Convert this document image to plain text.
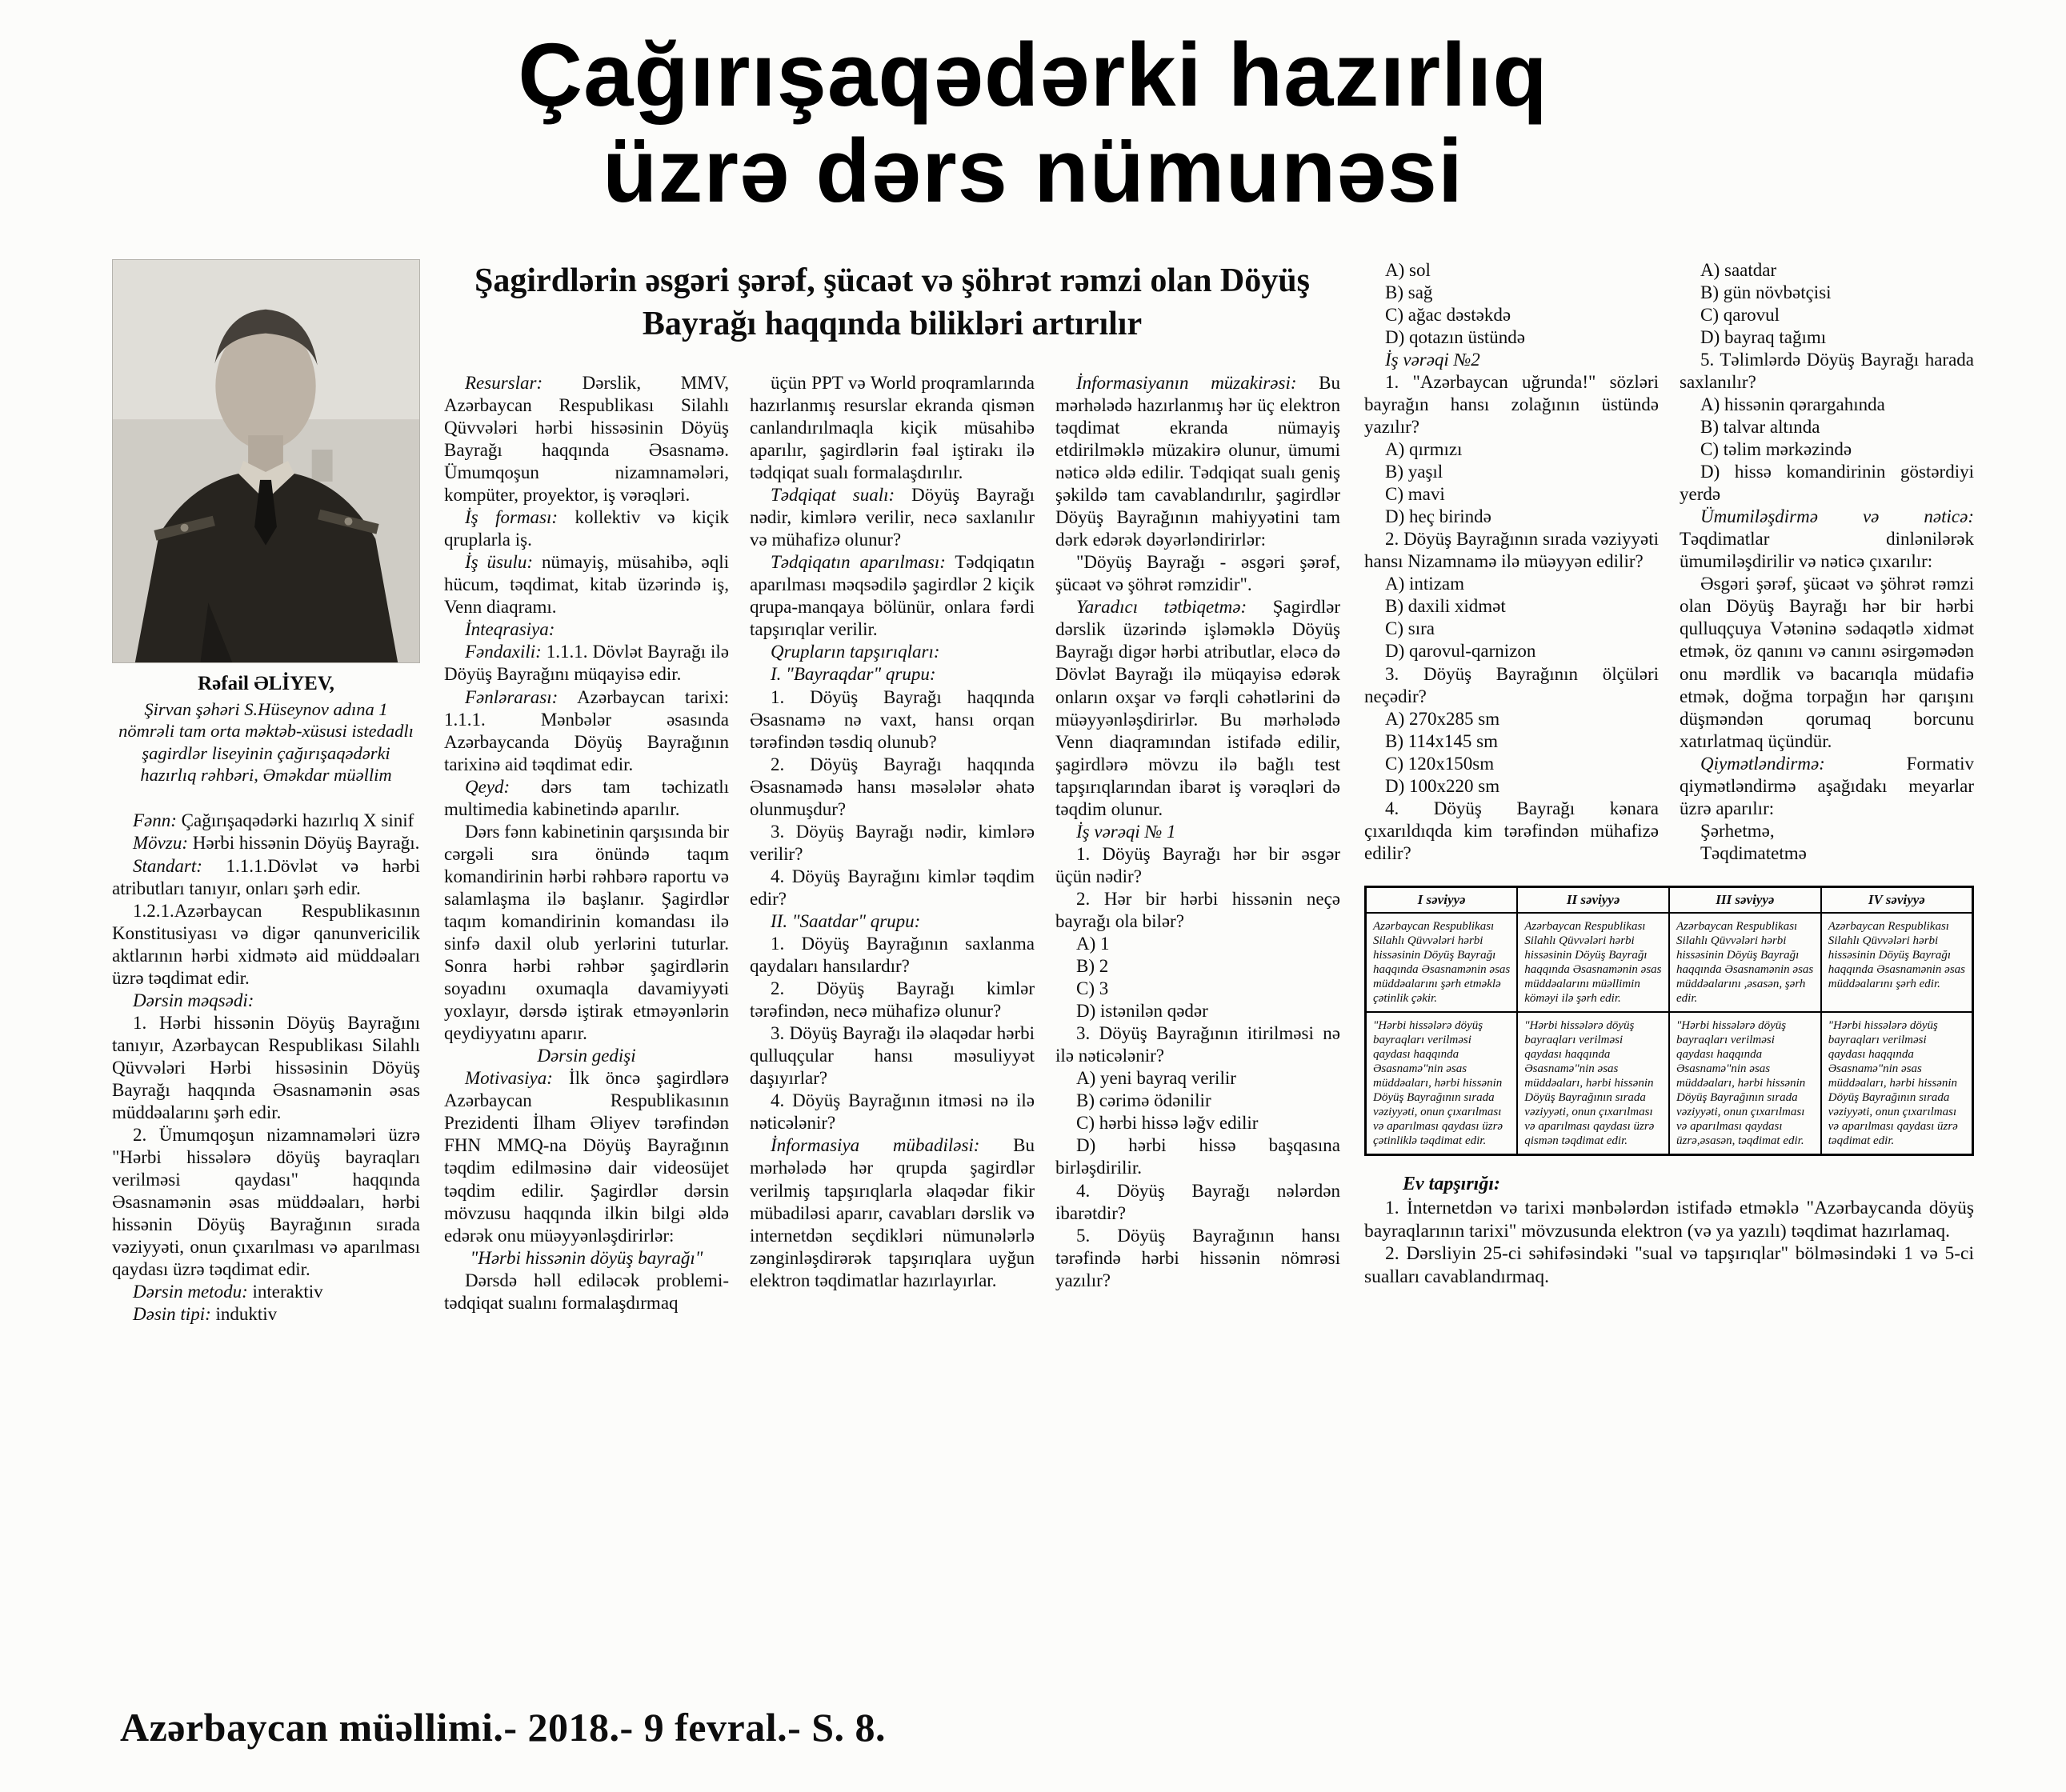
Çağırışaqədərki hazırlıq
üzrə dərs nümunəsi
Rəfail ƏLİYEV,
Şirvan şəhəri S.Hüseynov adına 1 nömrəli tam orta məktəb-xüsusi istedadlı şagirdlər liseyinin çağırışaqədərki hazırlıq rəhbəri, Əməkdar müəllim

Fənn: Çağırışaqədərki hazırlıq X sinif

Mövzu: Hərbi hissənin Döyüş Bayrağı.

Standart: 1.1.1.Dövlət və hərbi atributları tanıyır, onları şərh edir.

1.2.1.Azərbaycan Respublikasının Konstitusiyası və digər qanunvericilik aktlarının hərbi xidmətə aid müddəaları üzrə təqdimat edir.

Dərsin məqsədi:

1. Hərbi hissənin Döyüş Bayrağını tanıyır, Azərbaycan Respublikası Silahlı Qüvvələri Hərbi hissəsinin Döyüş Bayrağı haqqında Əsasnamənin əsas müddəalarını şərh edir.

2. Ümumqoşun nizamnamələri üzrə "Hərbi hissələrə döyüş bayraqları verilməsi qaydası" haqqında Əsasnamənin əsas müddəaları, hərbi hissənin Döyüş Bayrağının sırada vəziyyəti, onun çıxarılması və aparılması qaydası üzrə təqdimat edir.

Dərsin metodu: interaktiv

Dəsin tipi: induktiv

Şagirdlərin əsgəri şərəf, şücaət və şöhrət rəmzi olan Döyüş Bayrağı haqqında bilikləri artırılır

Resurslar: Dərslik, MMV, Azərbaycan Respublikası Silahlı Qüvvələri hərbi hissəsinin Döyüş Bayrağı haqqında Əsasnamə. Ümumqoşun nizamnamələri, kompüter, proyektor, iş vərəqləri.

İş forması: kollektiv və kiçik qruplarla iş.

İş üsulu: nümayiş, müsahibə, əqli hücum, təqdimat, kitab üzərində iş, Venn diaqramı.

İnteqrasiya:

Fəndaxili: 1.1.1. Dövlət Bayrağı ilə Döyüş Bayrağını müqayisə edir.

Fənlərarası: Azərbaycan tarixi: 1.1.1. Mənbələr əsasında Azərbaycanda Döyüş Bayrağının tarixinə aid təqdimat edir.

Qeyd: dərs tam təchizatlı multimedia kabinetində aparılır.

Dərs fənn kabinetinin qarşısında bir cərgəli sıra önündə taqım komandirinin hərbi rəhbərə raportu və salamlaşma ilə başlanır. Şagirdlər taqım komandirinin komandası ilə sinfə daxil olub yerlərini tuturlar. Sonra hərbi rəhbər şagirdlərin soyadını oxumaqla davamiyyəti yoxlayır, dərsdə iştirak etməyənlərin qeydiyyatını aparır.

Dərsin gedişi

Motivasiya: İlk öncə şagirdlərə Azərbaycan Respublikasının Prezidenti İlham Əliyev tərəfindən FHN MMQ-na Döyüş Bayrağının təqdim edilməsinə dair videosüjet təqdim edilir. Şagirdlər dərsin mövzusu haqqında ilkin bilgi əldə edərək onu müəyyənləşdirirlər:

"Hərbi hissənin döyüş bayrağı"

Dərsdə həll ediləcək problemi-tədqiqat sualını formalaşdırmaq

üçün PPT və World proqramlarında hazırlanmış resurslar ekranda qismən canlandırılmaqla kiçik müsahibə aparılır, şagirdlərin fəal iştirakı ilə tədqiqat sualı formalaşdırılır.

Tədqiqat sualı: Döyüş Bayrağı nədir, kimlərə verilir, necə saxlanılır və mühafizə olunur?

Tədqiqatın aparılması: Tədqiqatın aparılması məqsədilə şagirdlər 2 kiçik qrupa-manqaya bölünür, onlara fərdi tapşırıqlar verilir.

Qrupların tapşırıqları:

I. "Bayraqdar" qrupu:

1. Döyüş Bayrağı haqqında Əsasnamə nə vaxt, hansı orqan tərəfindən təsdiq olunub?

2. Döyüş Bayrağı haqqında Əsasnamədə hansı məsələlər əhatə olunmuşdur?

3. Döyüş Bayrağı nədir, kimlərə verilir?

4. Döyüş Bayrağını kimlər təqdim edir?

II. "Saatdar" qrupu:

1. Döyüş Bayrağının saxlanma qaydaları hansılardır?

2. Döyüş Bayrağı kimlər tərəfindən, necə mühafizə olunur?

3. Döyüş Bayrağı ilə əlaqədar hərbi qulluqçular hansı məsuliyyət daşıyırlar?

4. Döyüş Bayrağının itməsi nə ilə nəticələnir?

İnformasiya mübadiləsi: Bu mərhələdə hər qrupda şagirdlər verilmiş tapşırıqlarla əlaqədar fikir mübadiləsi aparır, cavabları dərslik və internetdən seçdikləri nümunələrlə zənginləşdirərək tapşırıqlara uyğun elektron təqdimatlar hazırlayırlar.

İnformasiyanın müzakirəsi: Bu mərhələdə hazırlanmış hər üç elektron təqdimat ekranda nümayiş etdirilməklə müzakirə olunur, ümumi nəticə əldə edilir. Tədqiqat sualı geniş şəkildə tam cavablandırılır, şagirdlər Döyüş Bayrağının mahiyyətini tam dərk edərək dəyərləndirirlər:

"Döyüş Bayrağı - əsgəri şərəf, şücaət və şöhrət rəmzidir".

Yaradıcı tətbiqetmə: Şagirdlər dərslik üzərində işləməklə Döyüş Bayrağı digər hərbi atributlar, eləcə də Dövlət Bayrağı ilə müqayisə edərək onların oxşar və fərqli cəhətlərini də müəyyənləşdirirlər. Bu mərhələdə Venn diaqramından istifadə edilir, şagirdlərə mövzu ilə bağlı test tapşırıqlarından ibarət iş vərəqləri də təqdim olunur.

İş vərəqi № 1

1. Döyüş Bayrağı hər bir əsgər üçün nədir?

2. Hər bir hərbi hissənin neçə bayrağı ola bilər?

A) 1

B) 2

C) 3

D) istənilən qədər

3. Döyüş Bayrağının itirilməsi nə ilə nəticələnir?

A) yeni bayraq verilir

B) cərimə ödənilir

C) hərbi hissə ləğv edilir

D) hərbi hissə başqasına birləşdirilir.

4. Döyüş Bayrağı nələrdən ibarətdir?

5. Döyüş Bayrağının hansı tərəfində hərbi hissənin nömrəsi yazılır?

A) sol

B) sağ

C) ağac dəstəkdə

D) qotazın üstündə

İş vərəqi №2

1. "Azərbaycan uğrunda!" sözləri bayrağın hansı zolağının üstündə yazılır?

A) qırmızı

B) yaşıl

C) mavi

D) heç birində

2. Döyüş Bayrağının sırada vəziyyəti hansı Nizamnamə ilə müəyyən edilir?

A) intizam

B) daxili xidmət

C) sıra

D) qarovul-qarnizon

3. Döyüş Bayrağının ölçüləri neçədir?

A) 270x285 sm

B) 114x145 sm

C) 120x150sm

D) 100x220 sm

4. Döyüş Bayrağı kənara çıxarıldıqda kim tərəfindən mühafizə edilir?

A) saatdar

B) gün növbətçisi

C) qarovul

D) bayraq tağımı

5. Təlimlərdə Döyüş Bayrağı harada saxlanılır?

A) hissənin qərargahında

B) talvar altında

C) təlim mərkəzində

D) hissə komandirinin göstərdiyi yerdə

Ümumiləşdirmə və nəticə: Təqdimatlar dinlənilərək ümumiləşdirilir və nəticə çıxarılır:

Əsgəri şərəf, şücaət və şöhrət rəmzi olan Döyüş Bayrağı hər bir hərbi qulluqçuya Vətəninə sədaqətlə xidmət etmək, öz qanını və canını əsirgəmədən onu mərdlik və bacarıqla müdafiə etmək, doğma torpağın hər qarışını düşməndən qorumaq borcunu xatırlatmaq üçündür.

Qiymətləndirmə: Formativ qiymətləndirmə aşağıdakı meyarlar üzrə aparılır:

Şərhetmə,

Təqdimatetmə

I səviyyə	II səviyyə	III səviyyə	IV səviyyə
Azərbaycan Respublikası Silahlı Qüvvələri hərbi hissəsinin Döyüş Bayrağı haqqında Əsasnamənin əsas müddəalarını şərh etməklə çətinlik çəkir.	Azərbaycan Respublikası Silahlı Qüvvələri hərbi hissəsinin Döyüş Bayrağı haqqında Əsasnamənin əsas müddəalarını müəllimin köməyi ilə şərh edir.	Azərbaycan Respublikası Silahlı Qüvvələri hərbi hissəsinin Döyüş Bayrağı haqqında Əsasnamənin əsas müddəalarını ,əsasən, şərh edir.	Azərbaycan Respublikası Silahlı Qüvvələri hərbi hissəsinin Döyüş Bayrağı haqqında Əsasnamənin əsas müddəalarını şərh edir.
"Hərbi hissələrə döyüş bayraqları verilməsi qaydası haqqında Əsasnamə"nin əsas müddəaları, hərbi hissənin Döyüş Bayrağının sırada vəziyyəti, onun çıxarılması və aparılması qaydası üzrə çətinliklə təqdimat edir.	"Hərbi hissələrə döyüş bayraqları verilməsi qaydası haqqında Əsasnamə"nin əsas müddəaları, hərbi hissənin Döyüş Bayrağının sırada vəziyyəti, onun çıxarılması və aparılması qaydası üzrə qismən təqdimat edir.	"Hərbi hissələrə döyüş bayraqları verilməsi qaydası haqqında Əsasnamə"nin əsas müddəaları, hərbi hissənin Döyüş Bayrağının sırada vəziyyəti, onun çıxarılması və aparılması qaydası üzrə,əsasən, təqdimat edir.	"Hərbi hissələrə döyüş bayraqları verilməsi qaydası haqqında Əsasnamə"nin əsas müddəaları, hərbi hissənin Döyüş Bayrağının sırada vəziyyəti, onun çıxarılması və aparılması qaydası üzrə təqdimat edir.
Ev tapşırığı:

1. İnternetdən və tarixi mənbələrdən istifadə etməklə "Azərbaycanda döyüş bayraqlarının tarixi" mövzusunda elektron (və ya yazılı) təqdimat hazırlamaq.

2. Dərsliyin 25-ci səhifəsindəki "sual və tapşırıqlar" bölməsindəki 1 və 5-ci sualları cavablandırmaq.

Azərbaycan müəllimi.- 2018.- 9 fevral.- S. 8.
